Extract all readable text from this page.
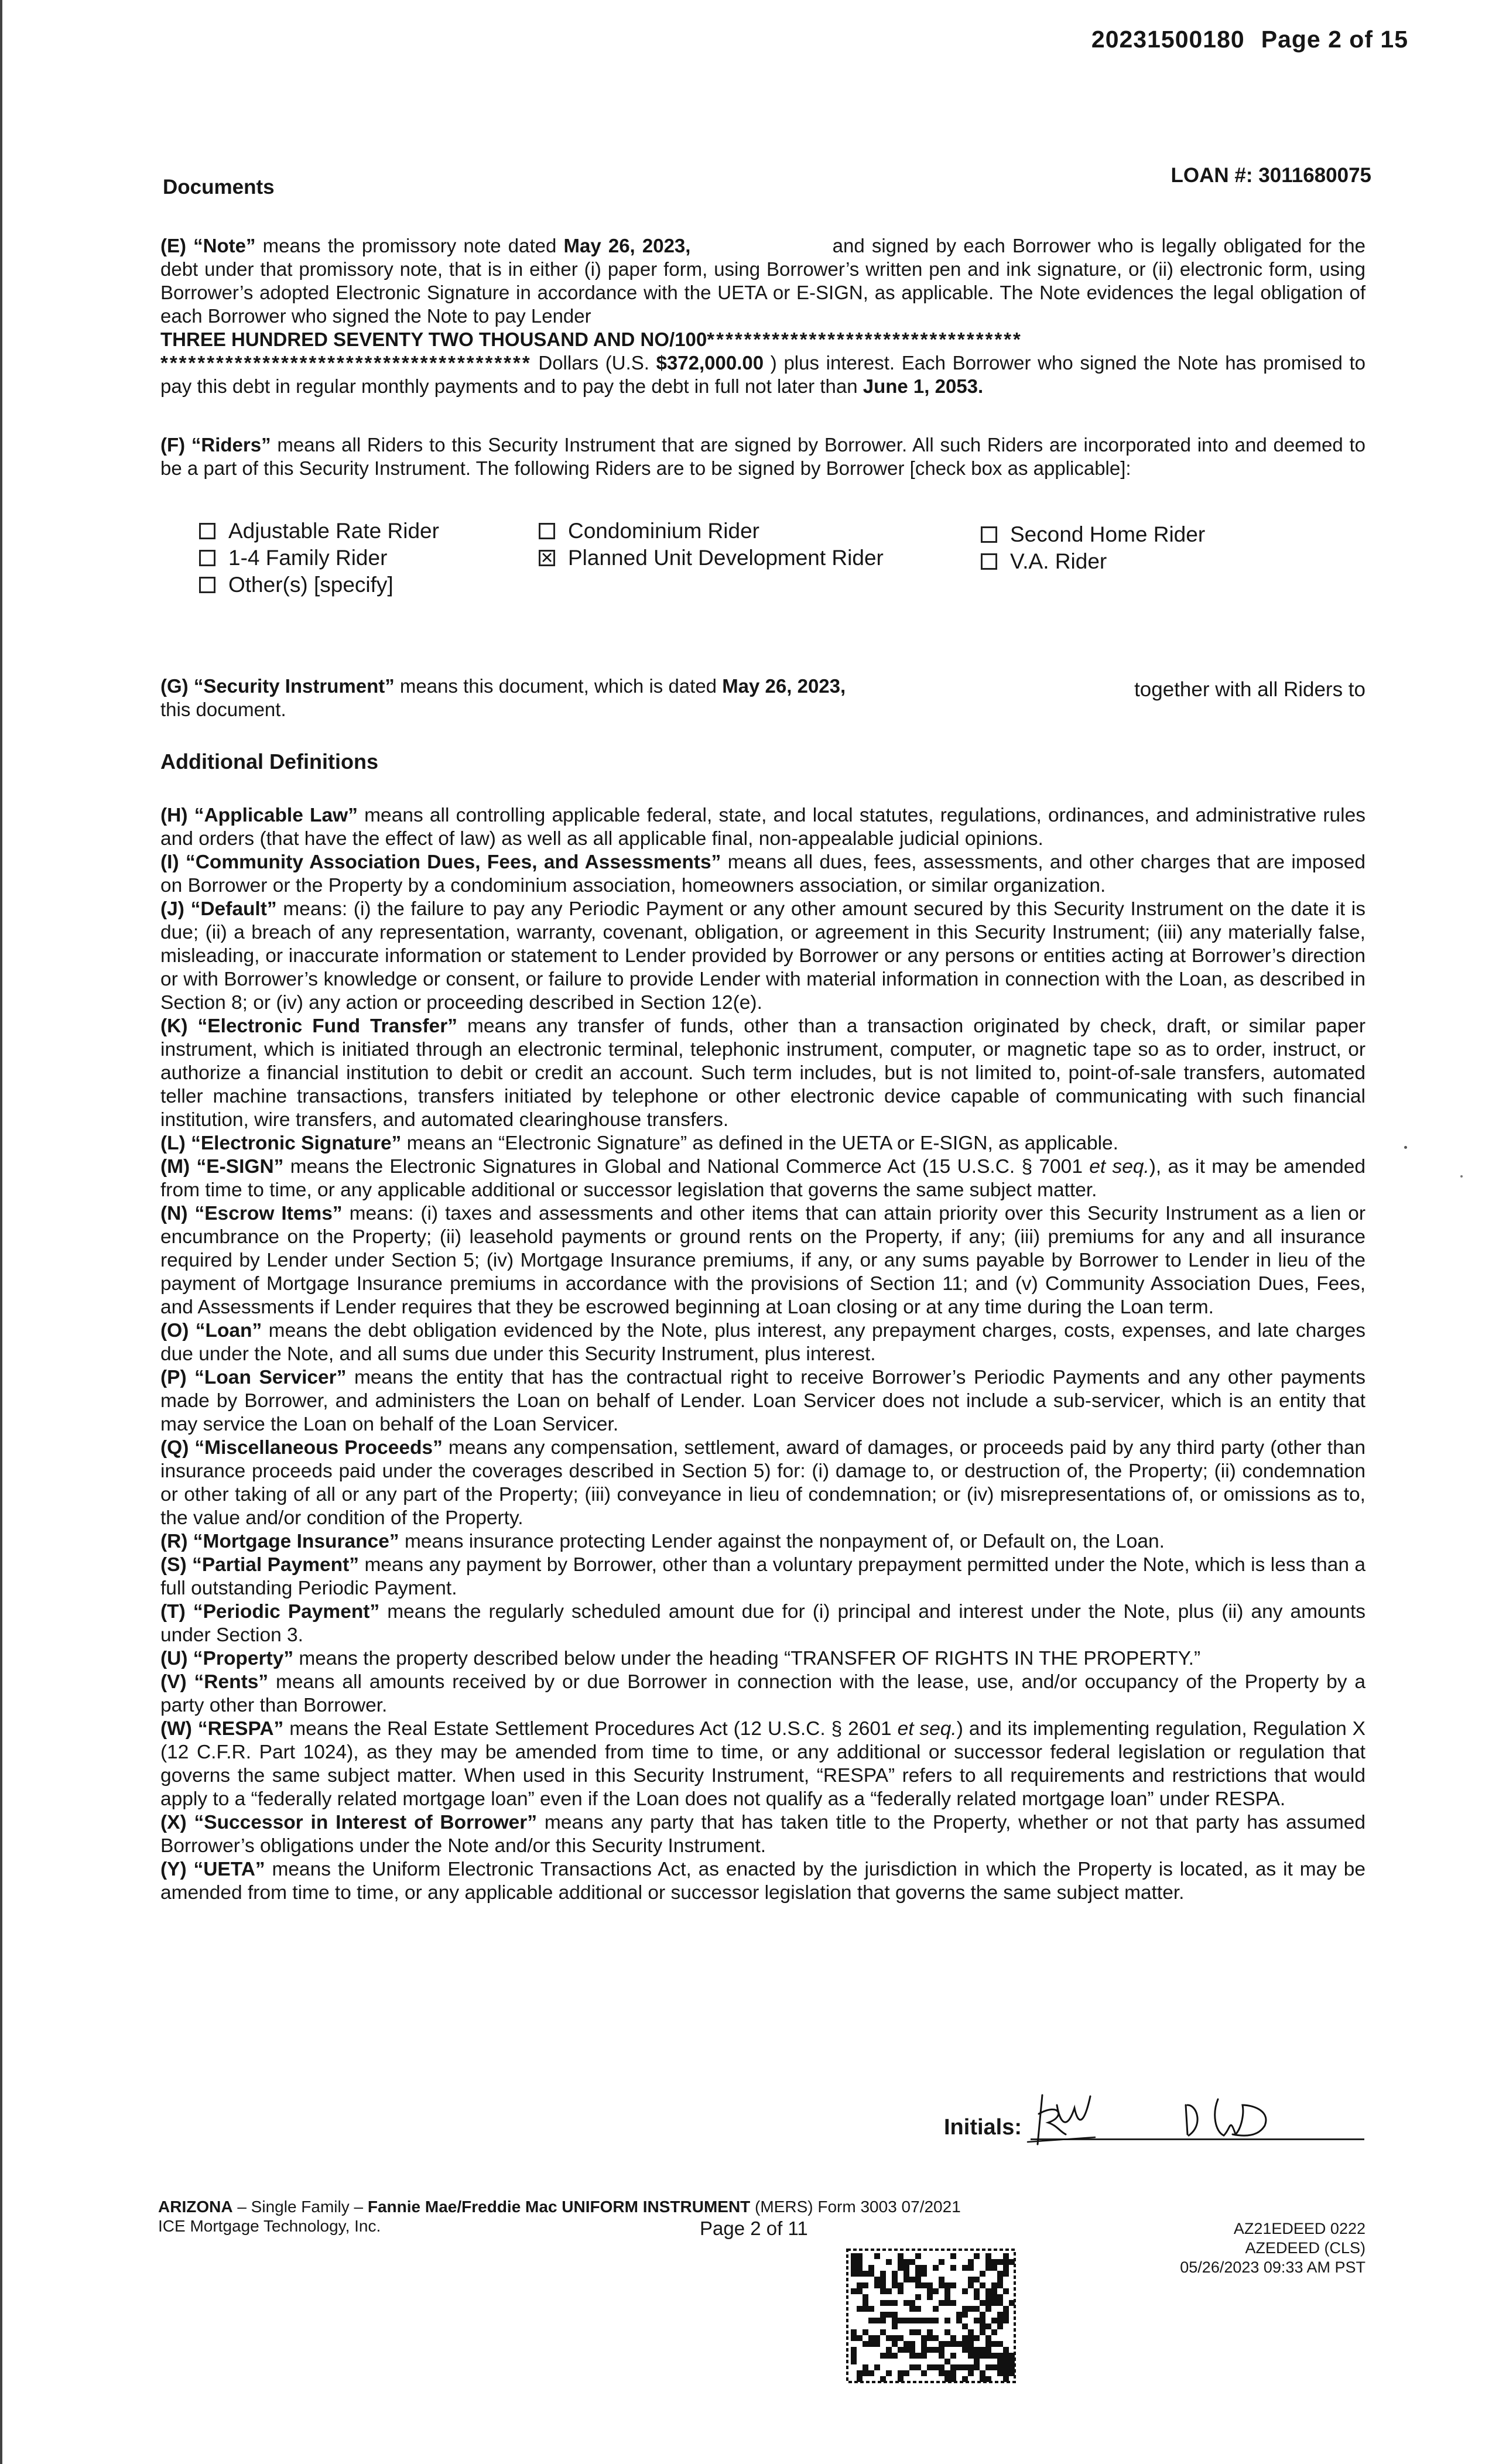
20231500180 Page 2 of 15
Documents
LOAN #: 3011680075

(E) “Note” means the promissory note dated May 26, 2023,	and signed by each Borrower who is legally obligated for the debt under that promissory note, that is in either (i) paper form, using Borrower’s written pen and ink signature, or (ii) electronic form, using Borrower’s adopted Electronic Signature in accordance with the UETA or E-SIGN, as applicable. The Note evidences the legal obligation of each Borrower who signed the Note to pay Lender
THREE HUNDRED SEVENTY TWO THOUSAND AND NO/100**********************************
**************************************** Dollars (U.S. $372,000.00 ) plus interest. Each Borrower who signed the Note has promised to pay this debt in regular monthly payments and to pay the debt in full not later than June 1, 2053.

(F) “Riders” means all Riders to this Security Instrument that are signed by Borrower. All such Riders are incorporated into and deemed to be a part of this Security Instrument. The following Riders are to be signed by Borrower [check box as applicable]:

Adjustable Rate Rider
1-4 Family Rider
Other(s) [specify]
Condominium Rider
✕ Planned Unit Development Rider
Second Home Rider
V.A. Rider

(G) “Security Instrument” means this document, which is dated May 26, 2023,
this document.

together with all Riders to
Additional Definitions

(H) “Applicable Law” means all controlling applicable federal, state, and local statutes, regulations, ordinances, and administrative rules and orders (that have the effect of law) as well as all applicable final, non-appealable judicial opinions.

(I) “Community Association Dues, Fees, and Assessments” means all dues, fees, assessments, and other charges that are imposed on Borrower or the Property by a condominium association, homeowners association, or similar organization.

(J) “Default” means: (i) the failure to pay any Periodic Payment or any other amount secured by this Security Instrument on the date it is due; (ii) a breach of any representation, warranty, covenant, obligation, or agreement in this Security Instrument; (iii) any materially false, misleading, or inaccurate information or statement to Lender provided by Borrower or any persons or entities acting at Borrower’s direction or with Borrower’s knowledge or consent, or failure to provide Lender with material information in connection with the Loan, as described in Section 8; or (iv) any action or proceeding described in Section 12(e).

(K) “Electronic Fund Transfer” means any transfer of funds, other than a transaction originated by check, draft, or similar paper instrument, which is initiated through an electronic terminal, telephonic instrument, computer, or magnetic tape so as to order, instruct, or authorize a financial institution to debit or credit an account. Such term includes, but is not limited to, point-of-sale transfers, automated teller machine transactions, transfers initiated by telephone or other electronic device capable of communicating with such financial institution, wire transfers, and automated clearinghouse transfers.

(L) “Electronic Signature” means an “Electronic Signature” as defined in the UETA or E-SIGN, as applicable.

(M) “E-SIGN” means the Electronic Signatures in Global and National Commerce Act (15 U.S.C. § 7001 et seq.), as it may be amended from time to time, or any applicable additional or successor legislation that governs the same subject matter.

(N) “Escrow Items” means: (i) taxes and assessments and other items that can attain priority over this Security Instrument as a lien or encumbrance on the Property; (ii) leasehold payments or ground rents on the Property, if any; (iii) premiums for any and all insurance required by Lender under Section 5; (iv) Mortgage Insurance premiums, if any, or any sums payable by Borrower to Lender in lieu of the payment of Mortgage Insurance premiums in accordance with the provisions of Section 11; and (v) Community Association Dues, Fees, and Assessments if Lender requires that they be escrowed beginning at Loan closing or at any time during the Loan term.

(O) “Loan” means the debt obligation evidenced by the Note, plus interest, any prepayment charges, costs, expenses, and late charges due under the Note, and all sums due under this Security Instrument, plus interest.

(P) “Loan Servicer” means the entity that has the contractual right to receive Borrower’s Periodic Payments and any other payments made by Borrower, and administers the Loan on behalf of Lender. Loan Servicer does not include a sub-servicer, which is an entity that may service the Loan on behalf of the Loan Servicer.

(Q) “Miscellaneous Proceeds” means any compensation, settlement, award of damages, or proceeds paid by any third party (other than insurance proceeds paid under the coverages described in Section 5) for: (i) damage to, or destruction of, the Property; (ii) condemnation or other taking of all or any part of the Property; (iii) conveyance in lieu of condemnation; or (iv) misrepresentations of, or omissions as to, the value and/or condition of the Property.

(R) “Mortgage Insurance” means insurance protecting Lender against the nonpayment of, or Default on, the Loan.

(S) “Partial Payment” means any payment by Borrower, other than a voluntary prepayment permitted under the Note, which is less than a full outstanding Periodic Payment.

(T) “Periodic Payment” means the regularly scheduled amount due for (i) principal and interest under the Note, plus (ii) any amounts under Section 3.

(U) “Property” means the property described below under the heading “TRANSFER OF RIGHTS IN THE PROPERTY.”

(V) “Rents” means all amounts received by or due Borrower in connection with the lease, use, and/or occupancy of the Property by a party other than Borrower.

(W) “RESPA” means the Real Estate Settlement Procedures Act (12 U.S.C. § 2601 et seq.) and its implementing regulation, Regulation X (12 C.F.R. Part 1024), as they may be amended from time to time, or any additional or successor federal legislation or regulation that governs the same subject matter. When used in this Security Instrument, “RESPA” refers to all requirements and restrictions that would apply to a “federally related mortgage loan” even if the Loan does not qualify as a “federally related mortgage loan” under RESPA.

(X) “Successor in Interest of Borrower” means any party that has taken title to the Property, whether or not that party has assumed Borrower’s obligations under the Note and/or this Security Instrument.

(Y) “UETA” means the Uniform Electronic Transactions Act, as enacted by the jurisdiction in which the Property is located, as it may be amended from time to time, or any applicable additional or successor legislation that governs the same subject matter.

Initials:
ARIZONA – Single Family – Fannie Mae/Freddie Mac UNIFORM INSTRUMENT (MERS) Form 3003 07/2021
ICE Mortgage Technology, Inc.	Page 2 of 11	AZ21EDEED 0222
AZEDEED (CLS)
05/26/2023 09:33 AM PST
